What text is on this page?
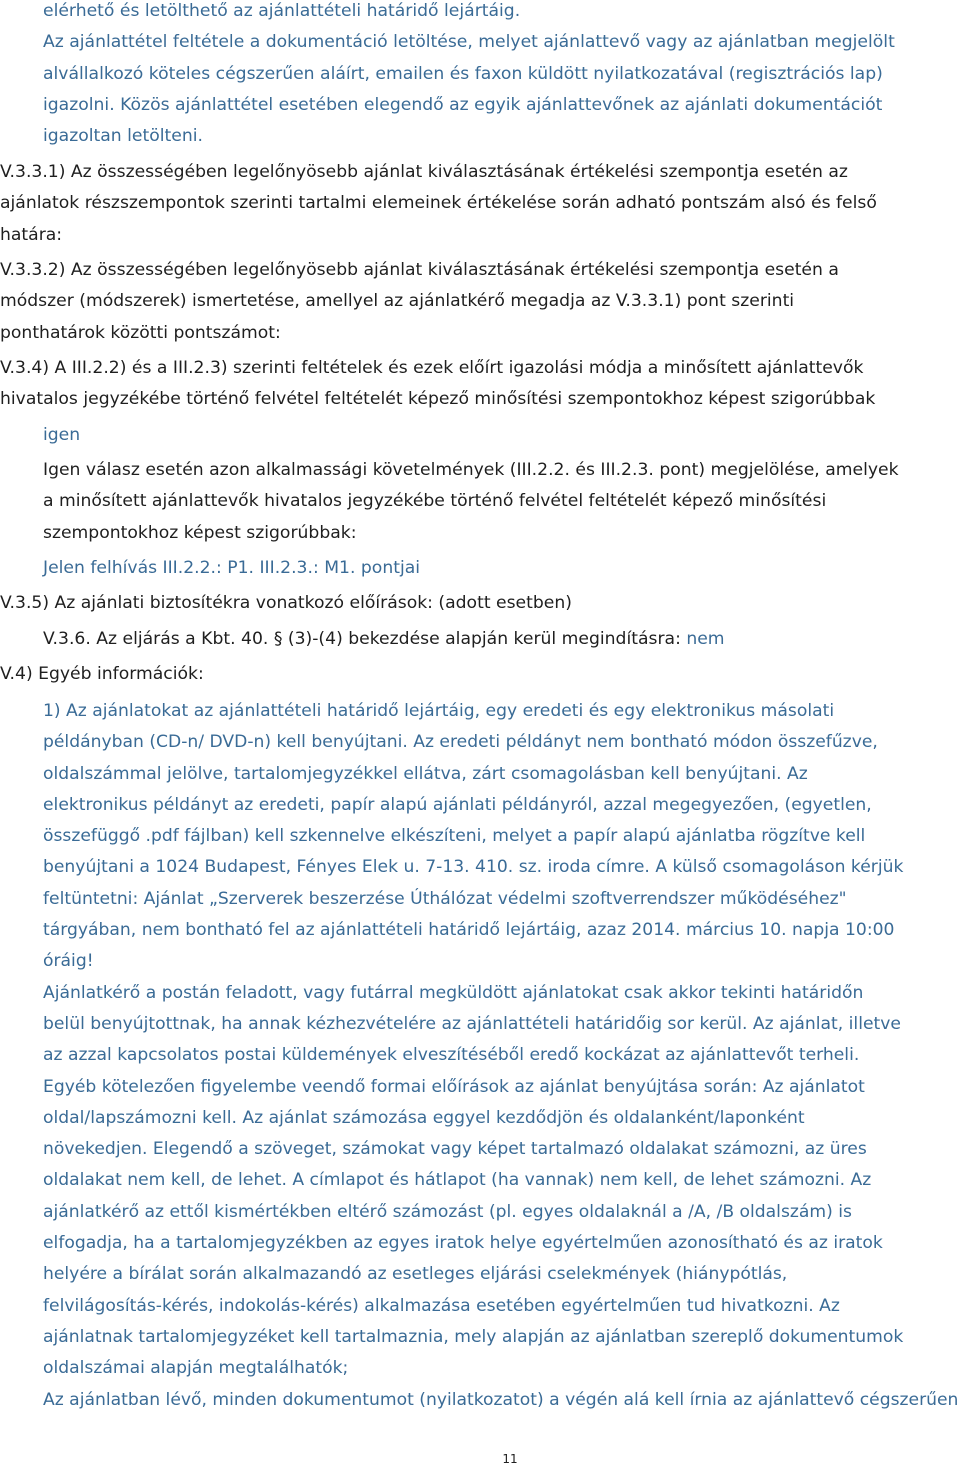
elérhető és letölthető az ajánlattételi határidő lejártáig.
Az ajánlattétel feltétele a dokumentáció letöltése, melyet ajánlattevő vagy az ajánlatban megjelölt
alvállalkozó köteles cégszerűen aláírt, emailen és faxon küldött nyilatkozatával (regisztrációs lap)
igazolni. Közös ajánlattétel esetében elegendő az egyik ajánlattevőnek az ajánlati dokumentációt
igazoltan letölteni.
V.3.3.1) Az összességében legelőnyösebb ajánlat kiválasztásának értékelési szempontja esetén az
ajánlatok részszempontok szerinti tartalmi elemeinek értékelése során adható pontszám alsó és felső
határa:
V.3.3.2) Az összességében legelőnyösebb ajánlat kiválasztásának értékelési szempontja esetén a
módszer (módszerek) ismertetése, amellyel az ajánlatkérő megadja az V.3.3.1) pont szerinti
ponthatárok közötti pontszámot:
V.3.4) A III.2.2) és a III.2.3) szerinti feltételek és ezek előírt igazolási módja a minősített ajánlattevők
hivatalos jegyzékébe történő felvétel feltételét képező minősítési szempontokhoz képest szigorúbbak
igen
Igen válasz esetén azon alkalmassági követelmények (III.2.2. és III.2.3. pont) megjelölése, amelyek
a minősített ajánlattevők hivatalos jegyzékébe történő felvétel feltételét képező minősítési
szempontokhoz képest szigorúbbak:
Jelen felhívás III.2.2.: P1. III.2.3.: M1. pontjai
V.3.5) Az ajánlati biztosítékra vonatkozó előírások: (adott esetben)
V.3.6. Az eljárás a Kbt. 40. § (3)-(4) bekezdése alapján kerül megindításra: nem
V.4) Egyéb információk:
1) Az ajánlatokat az ajánlattételi határidő lejártáig, egy eredeti és egy elektronikus másolati
példányban (CD-n/ DVD-n) kell benyújtani. Az eredeti példányt nem bontható módon összefűzve,
oldalszámmal jelölve, tartalomjegyzékkel ellátva, zárt csomagolásban kell benyújtani. Az
elektronikus példányt az eredeti, papír alapú ajánlati példányról, azzal megegyezően, (egyetlen,
összefüggő .pdf fájlban) kell szkennelve elkészíteni, melyet a papír alapú ajánlatba rögzítve kell
benyújtani a 1024 Budapest, Fényes Elek u. 7-13. 410. sz. iroda címre. A külső csomagoláson kérjük
feltüntetni: Ajánlat „Szerverek beszerzése Úthálózat védelmi szoftverrendszer működéséhez"
tárgyában, nem bontható fel az ajánlattételi határidő lejártáig, azaz 2014. március 10. napja 10:00
óráig!
Ajánlatkérő a postán feladott, vagy futárral megküldött ajánlatokat csak akkor tekinti határidőn
belül benyújtottnak, ha annak kézhezvételére az ajánlattételi határidőig sor kerül. Az ajánlat, illetve
az azzal kapcsolatos postai küldemények elveszítéséből eredő kockázat az ajánlattevőt terheli.
Egyéb kötelezően figyelembe veendő formai előírások az ajánlat benyújtása során: Az ajánlatot
oldal/lapszámozni kell. Az ajánlat számozása eggyel kezdődjön és oldalanként/laponként
növekedjen. Elegendő a szöveget, számokat vagy képet tartalmazó oldalakat számozni, az üres
oldalakat nem kell, de lehet. A címlapot és hátlapot (ha vannak) nem kell, de lehet számozni. Az
ajánlatkérő az ettől kismértékben eltérő számozást (pl. egyes oldalaknál a /A, /B oldalszám) is
elfogadja, ha a tartalomjegyzékben az egyes iratok helye egyértelműen azonosítható és az iratok
helyére a bírálat során alkalmazandó az esetleges eljárási cselekmények (hiánypótlás,
felvilágosítás-kérés, indokolás-kérés) alkalmazása esetében egyértelműen tud hivatkozni. Az
ajánlatnak tartalomjegyzéket kell tartalmaznia, mely alapján az ajánlatban szereplő dokumentumok
oldalszámai alapján megtalálhatók;
Az ajánlatban lévő, minden dokumentumot (nyilatkozatot) a végén alá kell írnia az ajánlattevő cégszerűen
11
